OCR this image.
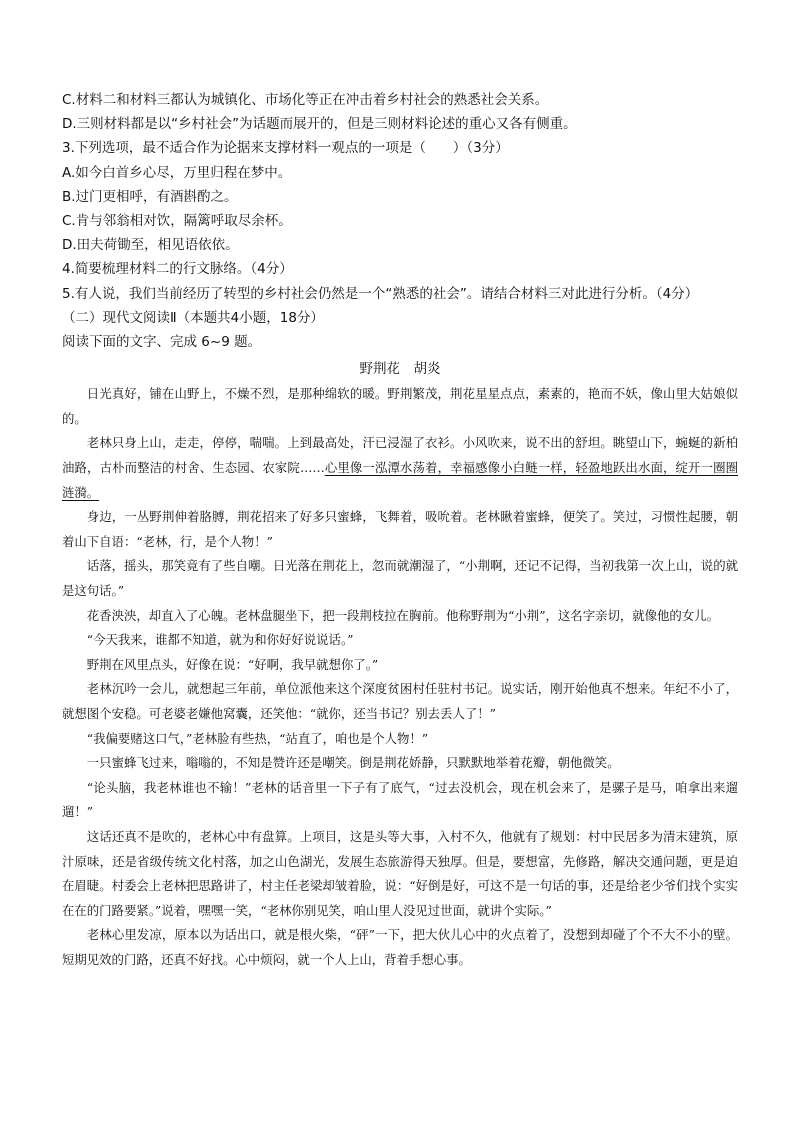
C.材料二和材料三都认为城镇化、市场化等正在冲击着乡村社会的熟悉社会关系。

D.三则材料都是以“乡村社会”为话题而展开的，但是三则材料论述的重心又各有侧重。

3.下列选项，最不适合作为论据来支撑材料一观点的一项是（　　）（3分）

A.如今白首乡心尽，万里归程在梦中。

B.过门更相呼，有酒斟酌之。

C.肯与邻翁相对饮，隔篱呼取尽余杯。

D.田夫荷锄至，相见语依依。

4.简要梳理材料二的行文脉络。（4分）

5.有人说，我们当前经历了转型的乡村社会仍然是一个“熟悉的社会”。请结合材料三对此进行分析。（4分）

（二）现代文阅读Ⅱ（本题共4小题，18分）

阅读下面的文字、完成 6~9 题。

野荆花　胡炎

日光真好，铺在山野上，不燥不烈，是那种绵软的暖。野荆繁茂，荆花星星点点，素素的，艳而不妖，像山里大姑娘似的。

老林只身上山，走走，停停，喘喘。上到最高处，汗已浸湿了衣衫。小风吹来，说不出的舒坦。眺望山下，蜿蜒的新柏油路，古朴而整洁的村舍、生态园、农家院……心里像一泓潭水荡着，幸福感像小白鲢一样，轻盈地跃出水面，绽开一圈圈涟漪。

身边，一丛野荆伸着胳膊，荆花招来了好多只蜜蜂，飞舞着，吸吮着。老林瞅着蜜蜂，便笑了。笑过，习惯性起腰，朝着山下自语：“老林，行，是个人物！”

话落，摇头，那笑竟有了些自嘲。日光落在荆花上，忽而就潮湿了，“小荆啊，还记不记得，当初我第一次上山，说的就是这句话。”

花香泱泱，却直入了心魄。老林盘腿坐下，把一段荆枝拉在胸前。他称野荆为“小荆”，这名字亲切，就像他的女儿。

“今天我来，谁都不知道，就为和你好好说说话。”

野荆在风里点头，好像在说：“好啊，我早就想你了。”

老林沉吟一会儿，就想起三年前，单位派他来这个深度贫困村任驻村书记。说实话，刚开始他真不想来。年纪不小了，就想图个安稳。可老婆老嫌他窝囊，还笑他：“就你，还当书记？别去丢人了！”

“我偏要赌这口气，”老林脸有些热，“站直了，咱也是个人物！”

一只蜜蜂飞过来，嗡嗡的，不知是赞许还是嘲笑。倒是荆花娇静，只默默地举着花瓣，朝他微笑。

“论头脑，我老林谁也不输！”老林的话音里一下子有了底气，“过去没机会，现在机会来了，是骡子是马，咱拿出来遛遛！”

这话还真不是吹的，老林心中有盘算。上项目，这是头等大事，入村不久，他就有了规划：村中民居多为清末建筑，原汁原味，还是省级传统文化村落，加之山色湖光，发展生态旅游得天独厚。但是，要想富，先修路，解决交通问题，更是迫在眉睫。村委会上老林把思路讲了，村主任老梁却皱着脸，说：“好倒是好，可这不是一句话的事，还是给老少爷们找个实实在在的门路要紧。”说着，嘿嘿一笑，“老林你别见笑，咱山里人没见过世面，就讲个实际。”

老林心里发凉，原本以为话出口，就是根火柴，“砰”一下，把大伙儿心中的火点着了，没想到却碰了个不大不小的壁。短期见效的门路，还真不好找。心中烦闷，就一个人上山，背着手想心事。
